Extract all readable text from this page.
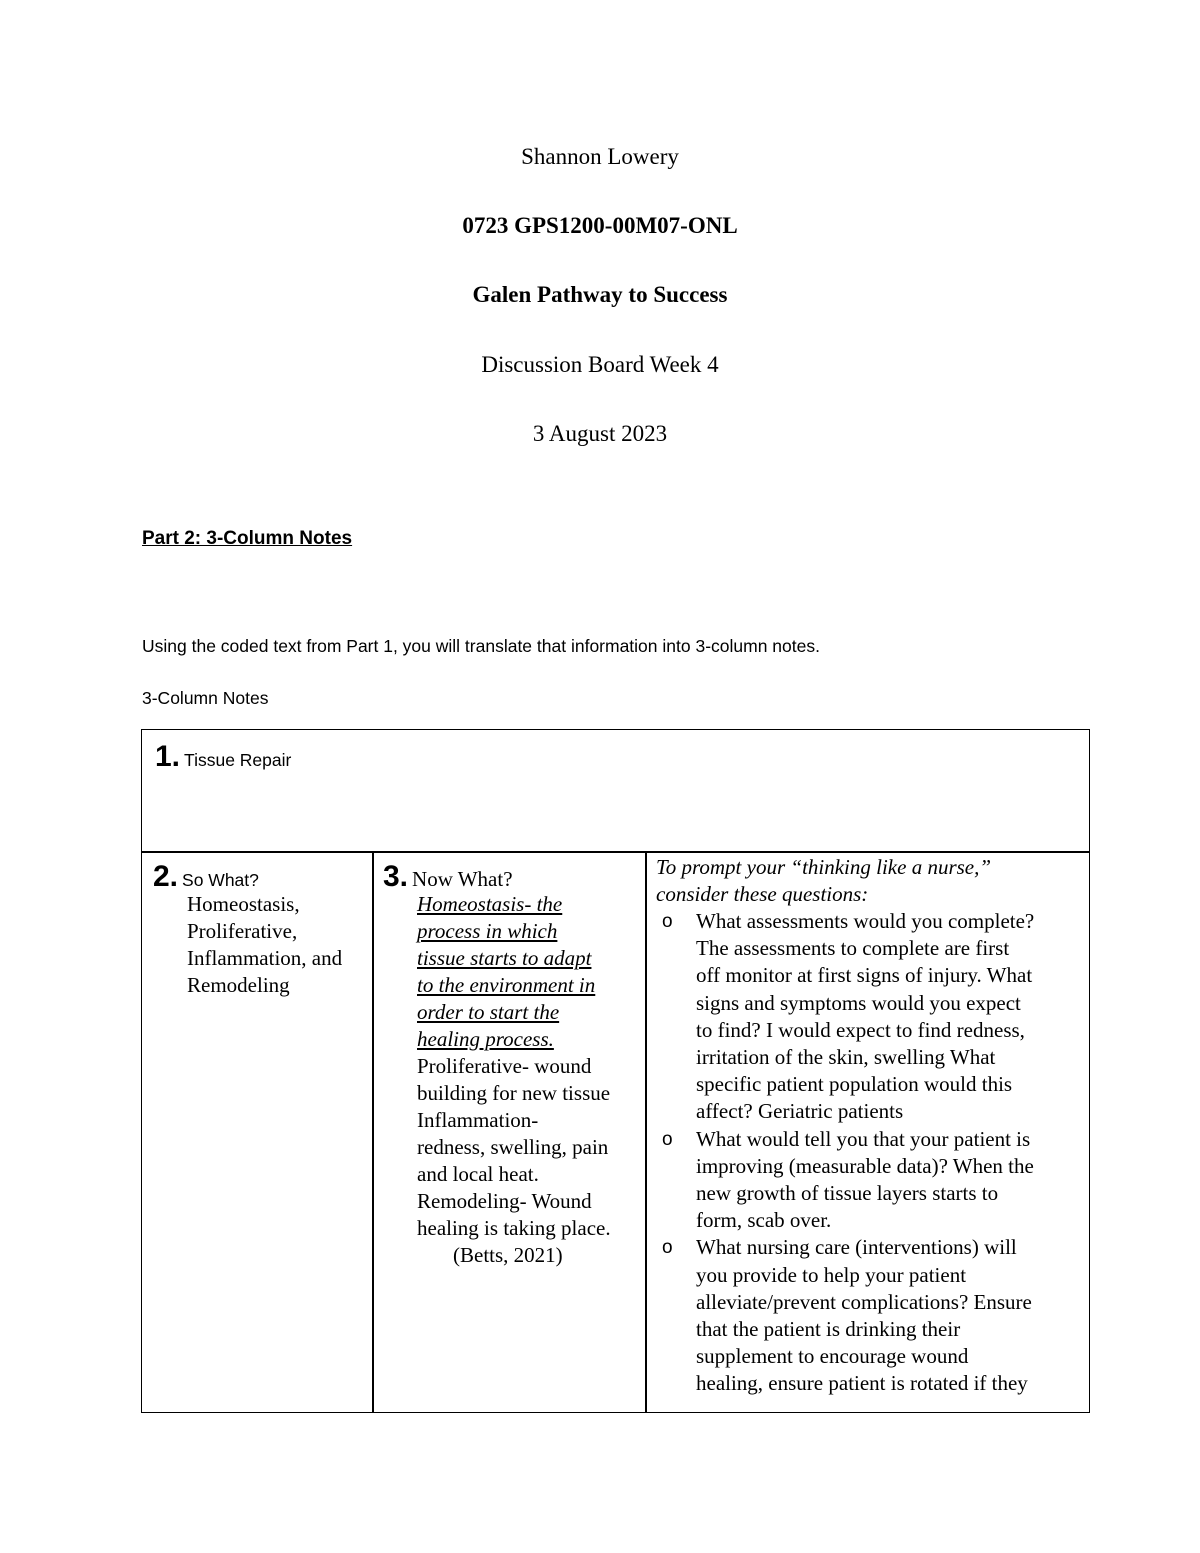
Shannon Lowery
0723 GPS1200-00M07-ONL
Galen Pathway to Success
Discussion Board Week 4
3 August 2023
Part 2: 3-Column Notes
Using the coded text from Part 1, you will translate that information into 3-column notes.
3-Column Notes
1. Tissue Repair
2. So What?
Homeostasis,
Proliferative,
Inflammation, and
Remodeling
3. Now What?
Homeostasis- the
process in which
tissue starts to adapt
to the environment in
order to start the
healing process.
Proliferative- wound
building for new tissue
Inflammation-
redness, swelling, pain
and local heat.
Remodeling- Wound
healing is taking place.
(Betts, 2021)
To prompt your “thinking like a nurse,”
consider these questions:
o What assessments would you complete?
The assessments to complete are first
off monitor at first signs of injury. What
signs and symptoms would you expect
to find? I would expect to find redness,
irritation of the skin, swelling What
specific patient population would this
affect? Geriatric patients
o What would tell you that your patient is
improving (measurable data)? When the
new growth of tissue layers starts to
form, scab over.
o What nursing care (interventions) will
you provide to help your patient
alleviate/prevent complications? Ensure
that the patient is drinking their
supplement to encourage wound
healing, ensure patient is rotated if they
